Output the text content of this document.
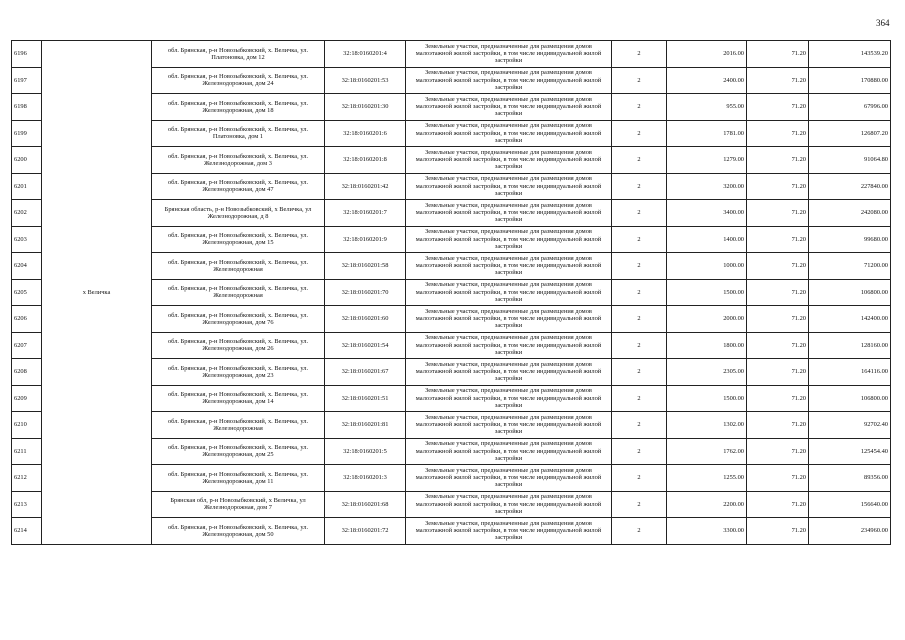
364
6196	х Величка	обл. Брянская, р-н Новозыбковский, х. Величка, ул. Платоновка, дом 12	32:18:0160201:4	Земельные участки, предназначенные для размещения домов малоэтажной жилой застройки, в том числе индивидуальной жилой застройки	2	2016.00	71.20	143539.20
6197		обл. Брянская, р-н Новозыбковский, х. Величка, ул. Железнодорожная, дом 24	32:18:0160201:53	Земельные участки, предназначенные для размещения домов малоэтажной жилой застройки, в том числе индивидуальной жилой застройки	2	2400.00	71.20	170880.00
6198		обл. Брянская, р-н Новозыбковский, х. Величка, ул. Железнодорожная, дом 18	32:18:0160201:30	Земельные участки, предназначенные для размещения домов малоэтажной жилой застройки, в том числе индивидуальной жилой застройки	2	955.00	71.20	67996.00
6199		обл. Брянская, р-н Новозыбковский, х. Величка, ул. Платоновка, дом 1	32:18:0160201:6	Земельные участки, предназначенные для размещения домов малоэтажной жилой застройки, в том числе индивидуальной жилой застройки	2	1781.00	71.20	126807.20
6200		обл. Брянская, р-н Новозыбковский, х. Величка, ул. Железнодорожная, дом 3	32:18:0160201:8	Земельные участки, предназначенные для размещения домов малоэтажной жилой застройки, в том числе индивидуальной жилой застройки	2	1279.00	71.20	91064.80
6201		обл. Брянская, р-н Новозыбковский, х. Величка, ул. Железнодорожная, дом 47	32:18:0160201:42	Земельные участки, предназначенные для размещения домов малоэтажной жилой застройки, в том числе индивидуальной жилой застройки	2	3200.00	71.20	227840.00
6202		Брянская область, р-н Новозыбковский, х Величка, ул Железнодорожная, д 8	32:18:0160201:7	Земельные участки, предназначенные для размещения домов малоэтажной жилой застройки, в том числе индивидуальной жилой застройки	2	3400.00	71.20	242080.00
6203		обл. Брянская, р-н Новозыбковский, х. Величка, ул. Железнодорожная, дом 15	32:18:0160201:9	Земельные участки, предназначенные для размещения домов малоэтажной жилой застройки, в том числе индивидуальной жилой застройки	2	1400.00	71.20	99680.00
6204		обл. Брянская, р-н Новозыбковский, х. Величка, ул. Железнодорожная	32:18:0160201:58	Земельные участки, предназначенные для размещения домов малоэтажной жилой застройки, в том числе индивидуальной жилой застройки	2	1000.00	71.20	71200.00
6205		обл. Брянская, р-н Новозыбковский, х. Величка, ул. Железнодорожная	32:18:0160201:70	Земельные участки, предназначенные для размещения домов малоэтажной жилой застройки, в том числе индивидуальной жилой застройки	2	1500.00	71.20	106800.00
6206		обл. Брянская, р-н Новозыбковский, х. Величка, ул. Железнодорожная, дом 76	32:18:0160201:60	Земельные участки, предназначенные для размещения домов малоэтажной жилой застройки, в том числе индивидуальной жилой застройки	2	2000.00	71.20	142400.00
6207		обл. Брянская, р-н Новозыбковский, х. Величка, ул. Железнодорожная, дом 26	32:18:0160201:54	Земельные участки, предназначенные для размещения домов малоэтажной жилой застройки, в том числе индивидуальной жилой застройки	2	1800.00	71.20	128160.00
6208		обл. Брянская, р-н Новозыбковский, х. Величка, ул. Железнодорожная, дом 23	32:18:0160201:67	Земельные участки, предназначенные для размещения домов малоэтажной жилой застройки, в том числе индивидуальной жилой застройки	2	2305.00	71.20	164116.00
6209		обл. Брянская, р-н Новозыбковский, х. Величка, ул. Железнодорожная, дом 14	32:18:0160201:51	Земельные участки, предназначенные для размещения домов малоэтажной жилой застройки, в том числе индивидуальной жилой застройки	2	1500.00	71.20	106800.00
6210		обл. Брянская, р-н Новозыбковский, х. Величка, ул. Железнодорожная	32:18:0160201:81	Земельные участки, предназначенные для размещения домов малоэтажной жилой застройки, в том числе индивидуальной жилой застройки	2	1302.00	71.20	92702.40
6211		обл. Брянская, р-н Новозыбковский, х. Величка, ул. Железнодорожная, дом 25	32:18:0160201:5	Земельные участки, предназначенные для размещения домов малоэтажной жилой застройки, в том числе индивидуальной жилой застройки	2	1762.00	71.20	125454.40
6212		обл. Брянская, р-н Новозыбковский, х. Величка, ул. Железнодорожная, дом 11	32:18:0160201:3	Земельные участки, предназначенные для размещения домов малоэтажной жилой застройки, в том числе индивидуальной жилой застройки	2	1255.00	71.20	89356.00
6213		Брянская обл, р-н Новозыбковский, х Величка, ул Железнодорожная, дом 7	32:18:0160201:68	Земельные участки, предназначенные для размещения домов малоэтажной жилой застройки, в том числе индивидуальной жилой застройки	2	2200.00	71.20	156640.00
6214		обл. Брянская, р-н Новозыбковский, х. Величка, ул. Железнодорожная, дом 50	32:18:0160201:72	Земельные участки, предназначенные для размещения домов малоэтажной жилой застройки, в том числе индивидуальной жилой застройки	2	3300.00	71.20	234960.00
